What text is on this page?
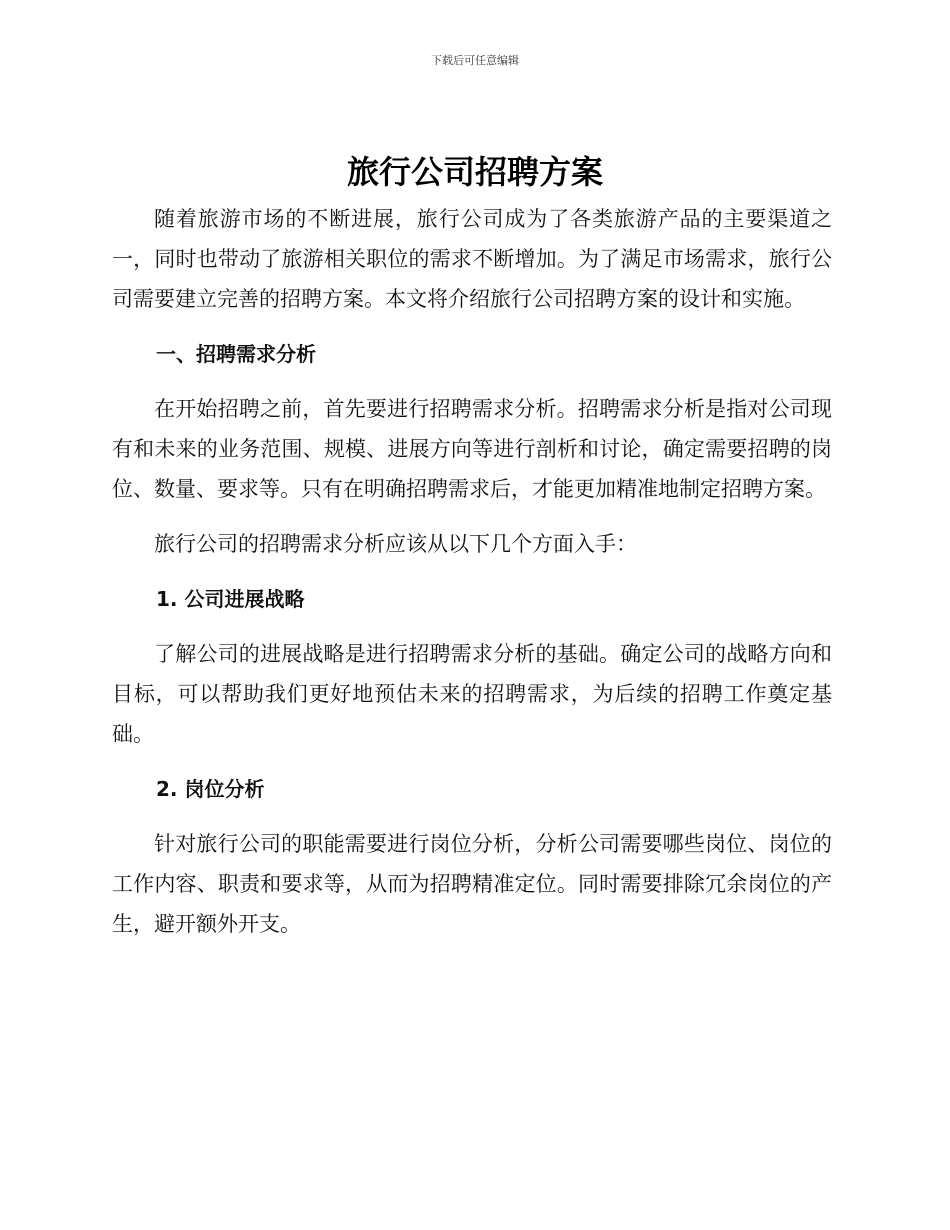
下载后可任意编辑
旅行公司招聘方案

随着旅游市场的不断进展，旅行公司成为了各类旅游产品的主要渠道之一，同时也带动了旅游相关职位的需求不断增加。为了满足市场需求，旅行公司需要建立完善的招聘方案。本文将介绍旅行公司招聘方案的设计和实施。

一、招聘需求分析

在开始招聘之前，首先要进行招聘需求分析。招聘需求分析是指对公司现有和未来的业务范围、规模、进展方向等进行剖析和讨论，确定需要招聘的岗位、数量、要求等。只有在明确招聘需求后，才能更加精准地制定招聘方案。

旅行公司的招聘需求分析应该从以下几个方面入手：

1. 公司进展战略

了解公司的进展战略是进行招聘需求分析的基础。确定公司的战略方向和目标，可以帮助我们更好地预估未来的招聘需求，为后续的招聘工作奠定基础。

2. 岗位分析

针对旅行公司的职能需要进行岗位分析，分析公司需要哪些岗位、岗位的工作内容、职责和要求等，从而为招聘精准定位。同时需要排除冗余岗位的产生，避开额外开支。
